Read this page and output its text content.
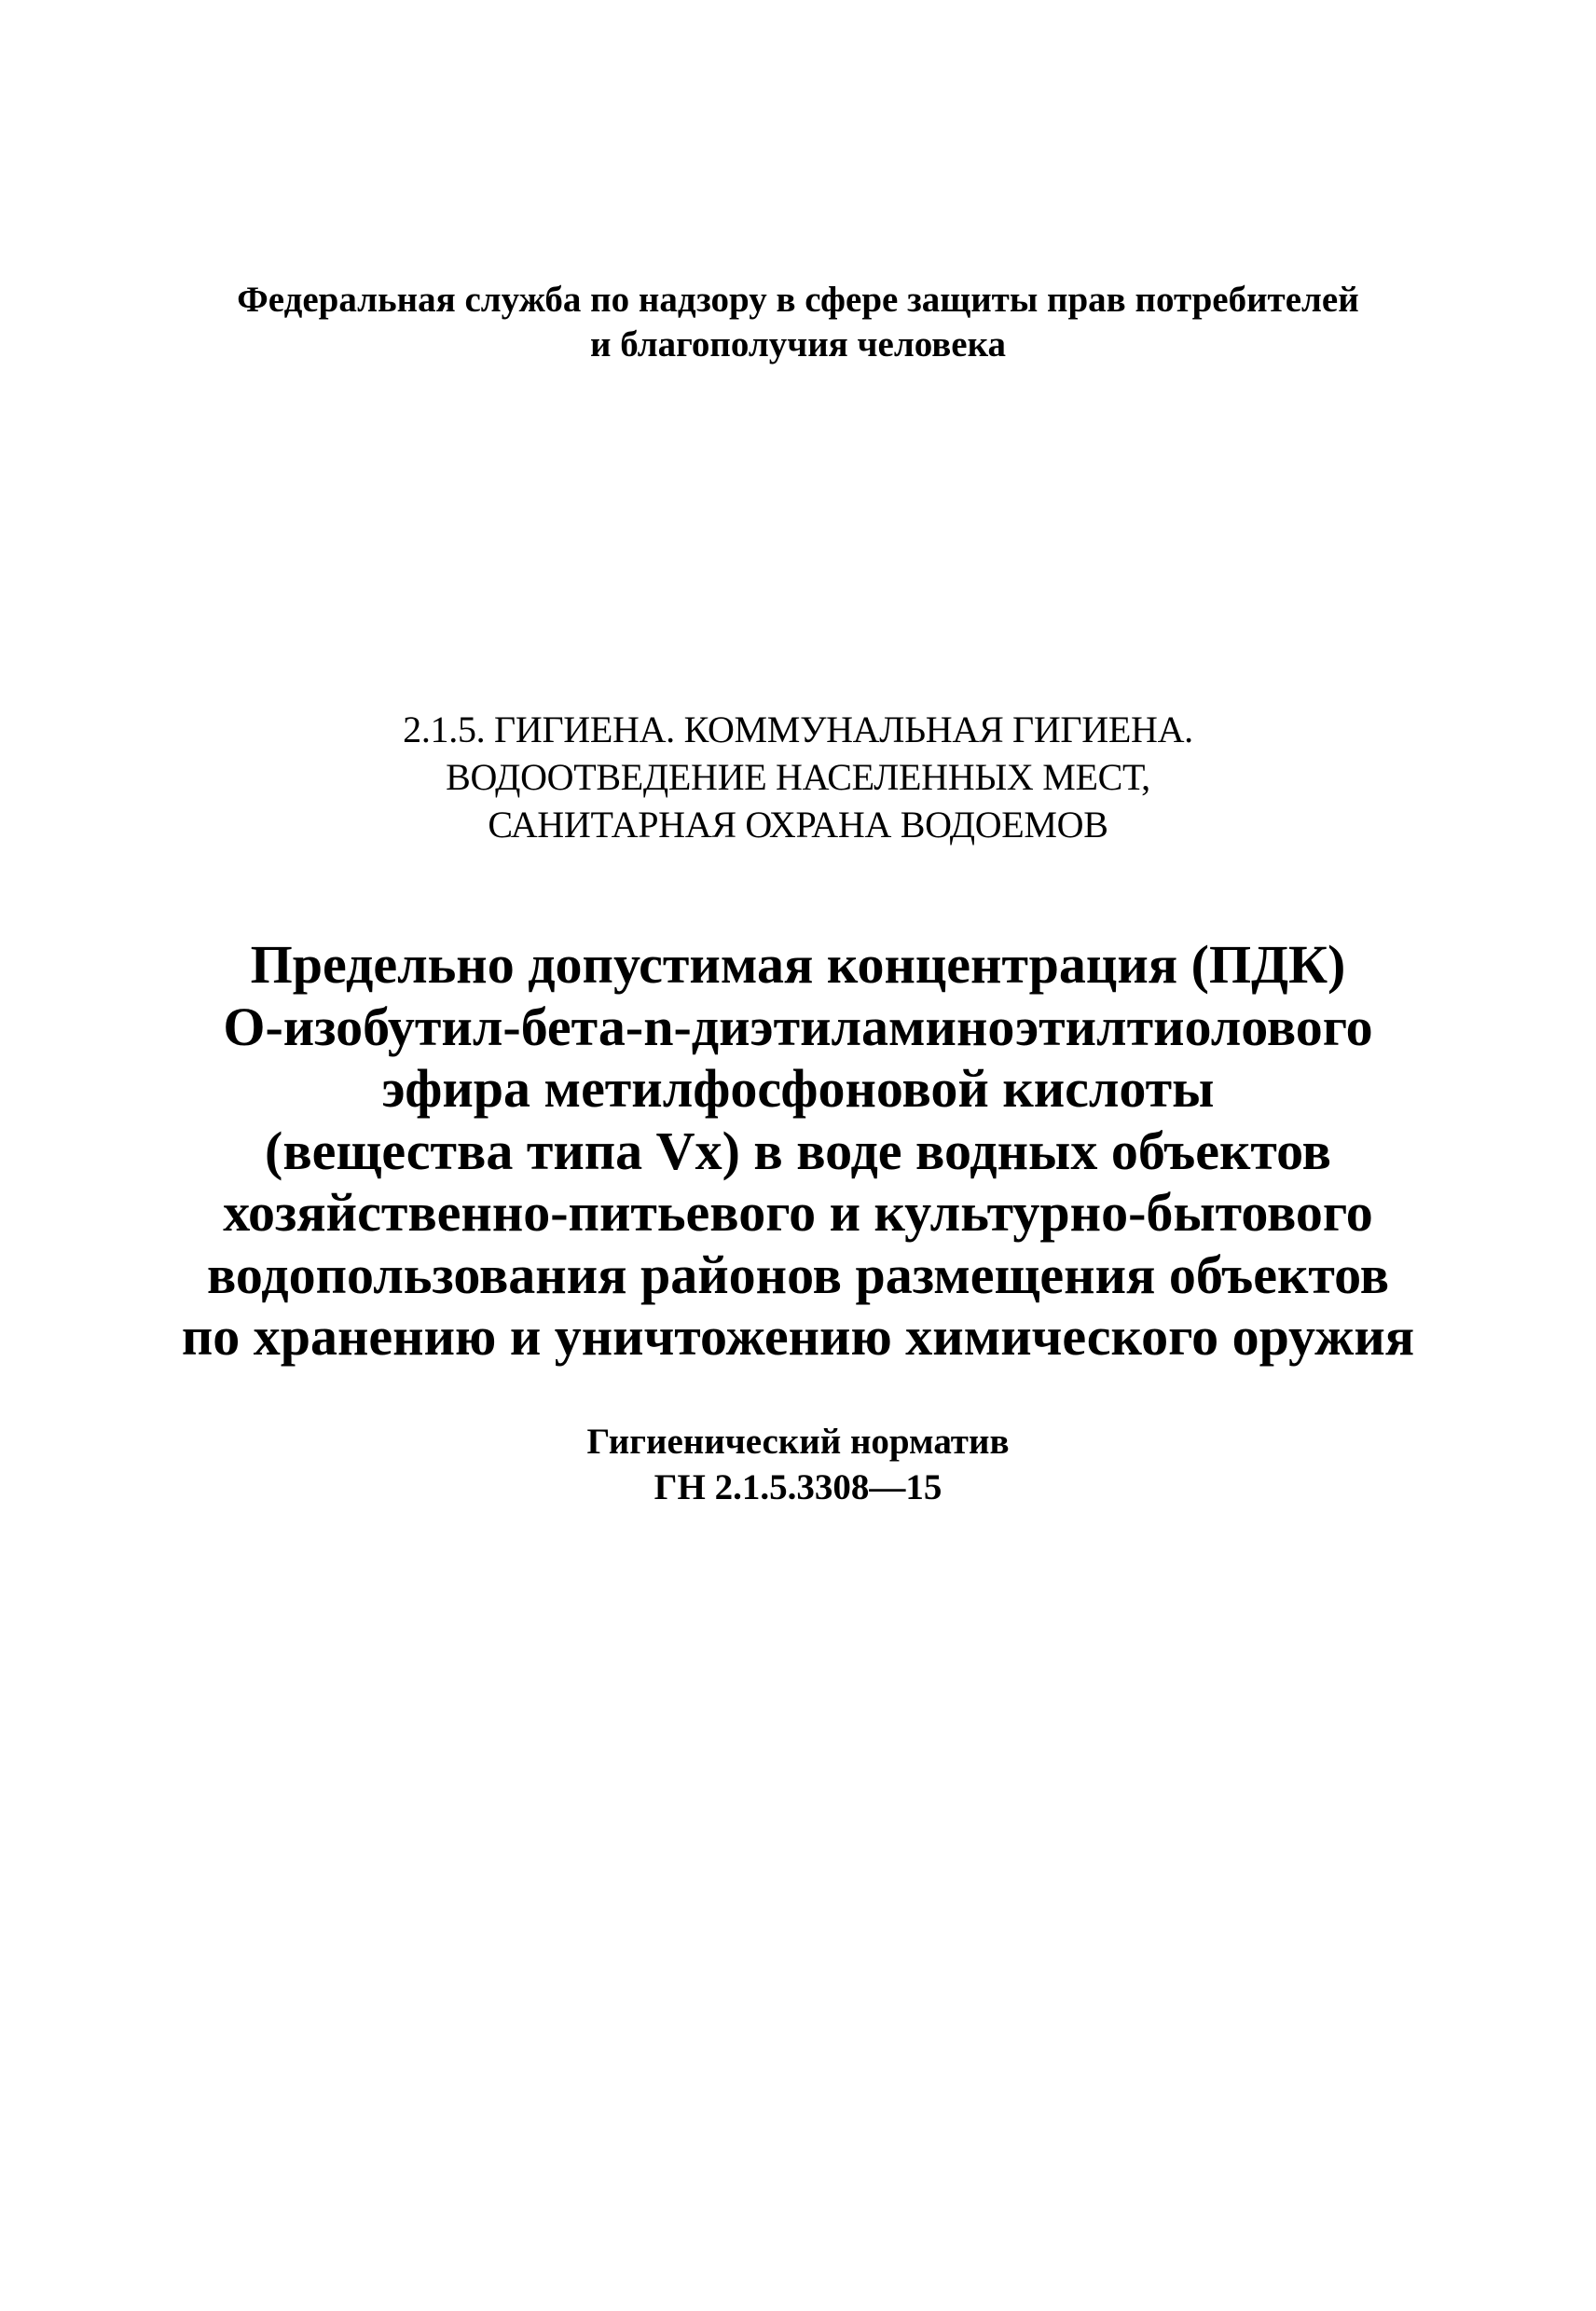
Федеральная служба по надзору в сфере защиты прав потребителей
и благополучия человека
2.1.5. ГИГИЕНА. КОММУНАЛЬНАЯ ГИГИЕНА.
ВОДООТВЕДЕНИЕ НАСЕЛЕННЫХ МЕСТ,
САНИТАРНАЯ ОХРАНА ВОДОЕМОВ
Предельно допустимая концентрация (ПДК)
О-изобутил-бета-n-диэтиламиноэтилтиолового
эфира метилфосфоновой кислоты
(вещества типа Vx) в воде водных объектов
хозяйственно-питьевого и культурно-бытового
водопользования районов размещения объектов
по хранению и уничтожению химического оружия
Гигиенический норматив
ГН 2.1.5.3308—15
